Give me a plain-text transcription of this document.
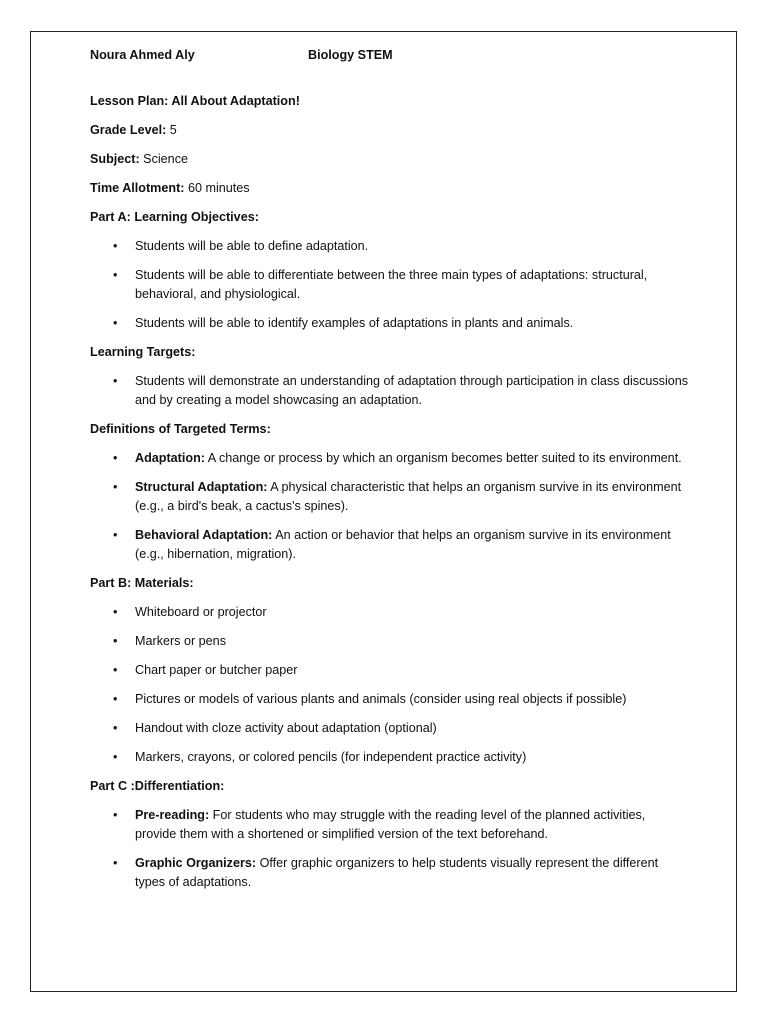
Noura Ahmed Aly	Biology STEM

Lesson Plan: All About Adaptation!

Grade Level: 5

Subject: Science

Time Allotment: 60 minutes

Part A: Learning Objectives:

• Students will be able to define adaptation.
• Students will be able to differentiate between the three main types of adaptations: structural, behavioral, and physiological.
• Students will be able to identify examples of adaptations in plants and animals.

Learning Targets:

• Students will demonstrate an understanding of adaptation through participation in class discussions and by creating a model showcasing an adaptation.

Definitions of Targeted Terms:

• Adaptation: A change or process by which an organism becomes better suited to its environment.
• Structural Adaptation: A physical characteristic that helps an organism survive in its environment (e.g., a bird's beak, a cactus's spines).
• Behavioral Adaptation: An action or behavior that helps an organism survive in its environment (e.g., hibernation, migration).

Part B: Materials:

• Whiteboard or projector
• Markers or pens
• Chart paper or butcher paper
• Pictures or models of various plants and animals (consider using real objects if possible)
• Handout with cloze activity about adaptation (optional)
• Markers, crayons, or colored pencils (for independent practice activity)

Part C :Differentiation:

• Pre-reading: For students who may struggle with the reading level of the planned activities, provide them with a shortened or simplified version of the text beforehand.
• Graphic Organizers: Offer graphic organizers to help students visually represent the different types of adaptations.
